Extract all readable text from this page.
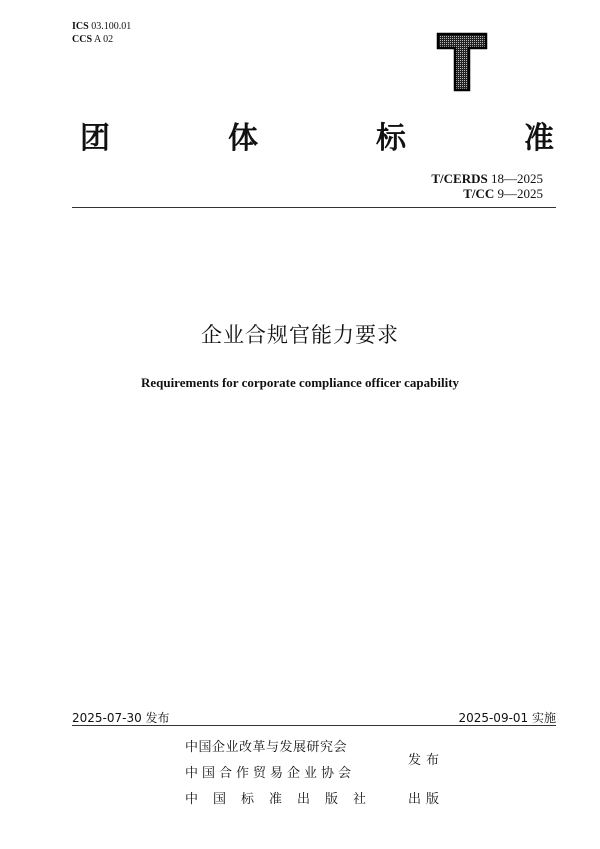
ICS 03.100.01
CCS A 02
团	体	标	准
T/CERDS 18—2025
T/CC 9—2025
企业合规官能力要求
Requirements for corporate compliance officer capability
2025-07-30 发布	2025-09-01 实施
中国企业改革与发展研究会
中国合作贸易企业协会
发布
中国标准出版社 出版
